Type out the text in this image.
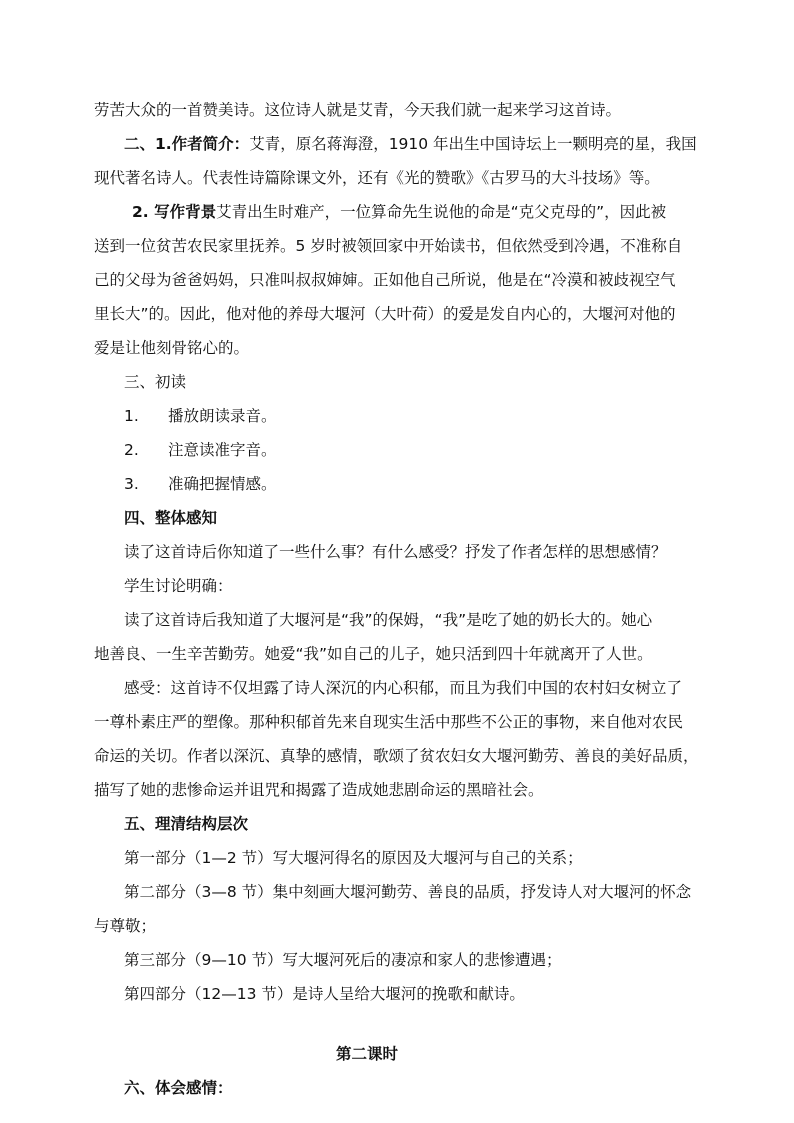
劳苦大众的一首赞美诗。这位诗人就是艾青，今天我们就一起来学习这首诗。
二、1.作者简介：艾青，原名蒋海澄，1910 年出生中国诗坛上一颗明亮的星，我国
现代著名诗人。代表性诗篇除课文外，还有《光的赞歌》《古罗马的大斗技场》等。
2. 写作背景艾青出生时难产，一位算命先生说他的命是“克父克母的”，因此被
送到一位贫苦农民家里抚养。5 岁时被领回家中开始读书，但依然受到冷遇，不准称自
己的父母为爸爸妈妈，只准叫叔叔婶婶。正如他自己所说，他是在“冷漠和被歧视空气
里长大”的。因此，他对他的养母大堰河（大叶荷）的爱是发自内心的，大堰河对他的
爱是让他刻骨铭心的。
三、初读
1. 播放朗读录音。
2. 注意读准字音。
3. 准确把握情感。
四、整体感知
读了这首诗后你知道了一些什么事？有什么感受？抒发了作者怎样的思想感情？
学生讨论明确：
读了这首诗后我知道了大堰河是“我”的保姆，“我”是吃了她的奶长大的。她心
地善良、一生辛苦勤劳。她爱“我”如自己的儿子，她只活到四十年就离开了人世。
感受：这首诗不仅坦露了诗人深沉的内心积郁，而且为我们中国的农村妇女树立了
一尊朴素庄严的塑像。那种积郁首先来自现实生活中那些不公正的事物，来自他对农民
命运的关切。作者以深沉、真挚的感情，歌颂了贫农妇女大堰河勤劳、善良的美好品质，
描写了她的悲惨命运并诅咒和揭露了造成她悲剧命运的黑暗社会。
五、理清结构层次
第一部分（1—2 节）写大堰河得名的原因及大堰河与自己的关系；
第二部分（3—8 节）集中刻画大堰河勤劳、善良的品质，抒发诗人对大堰河的怀念
与尊敬；
第三部分（9—10 节）写大堰河死后的凄凉和家人的悲惨遭遇；
第四部分（12—13 节）是诗人呈给大堰河的挽歌和献诗。
第二课时
六、体会感情：
